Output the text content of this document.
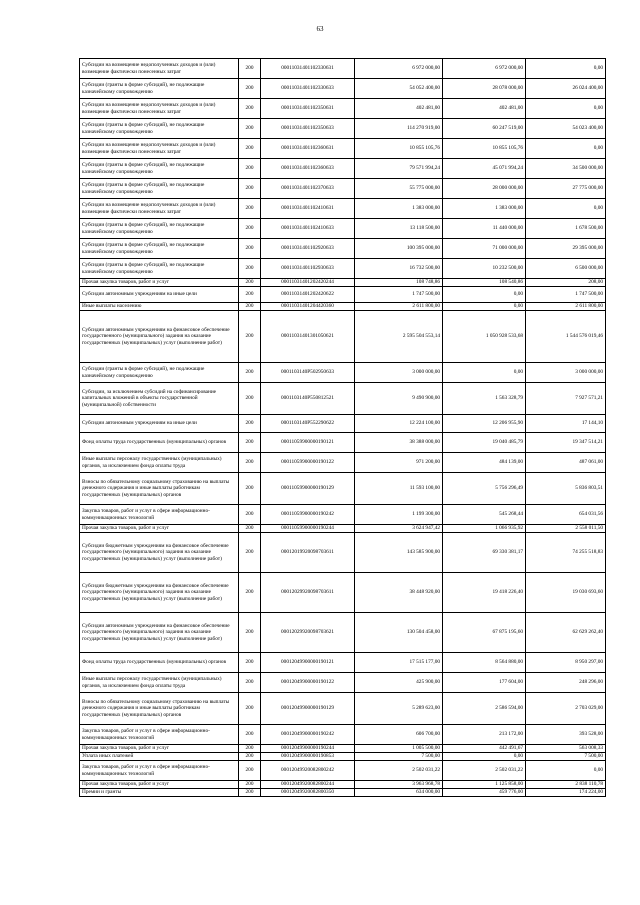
63
Субсидии на возмещение недополученных доходов и (или) возмещение фактически понесенных затрат	200	00011031401102330631	6 972 000,00	6 972 000,00	0,00
Субсидии (гранты в форме субсидий), не подлежащие казначейскому сопровождению	200	00011031401102330633	54 052 400,00	28 078 000,00	26 024 400,00
Субсидии на возмещение недополученных доходов и (или) возмещение фактически понесенных затрат	200	00011031401102350631	402 481,00	402 481,00	0,00
Субсидии (гранты в форме субсидий), не подлежащие казначейскому сопровождению	200	00011031401102350633	114 270 919,00	60 247 519,00	54 023 400,00
Субсидии на возмещение недополученных доходов и (или) возмещение фактически понесенных затрат	200	00011031401102360631	10 855 105,76	10 855 105,76	0,00
Субсидии (гранты в форме субсидий), не подлежащие казначейскому сопровождению	200	00011031401102360633	79 571 994,24	45 071 994,24	34 500 000,00
Субсидии (гранты в форме субсидий), не подлежащие казначейскому сопровождению	200	00011031401102370633	55 775 000,00	28 000 000,00	27 775 000,00
Субсидии на возмещение недополученных доходов и (или) возмещение фактически понесенных затрат	200	00011031401102410631	1 383 000,00	1 383 000,00	0,00
Субсидии (гранты в форме субсидий), не подлежащие казначейскому сопровождению	200	00011031401102410633	13 118 500,00	11 440 000,00	1 678 500,00
Субсидии (гранты в форме субсидий), не подлежащие казначейскому сопровождению	200	00011031401102920633	100 395 000,00	71 000 000,00	29 395 000,00
Субсидии (гранты в форме субсидий), не подлежащие казначейскому сопровождению	200	00011031401102930633	16 732 500,00	10 232 500,00	6 500 000,00
Прочая закупка товаров, работ и услуг	200	00011031401202420244	108 748,86	108 540,86	208,00
Субсидии автономным учреждениям на иные цели	200	00011031401202420622	1 747 500,00	0,00	1 747 500,00
Иные выплаты населению	200	00011031401204420360	2 611 800,00	0,00	2 611 800,00
Субсидии автономным учреждениям на финансовое обеспечение государственного (муниципального) задания на оказание государственных (муниципальных) услуг (выполнение работ)	200	00011031401301050621	2 595 504 553,14	1 050 928 533,68	1 544 576 019,46
Субсидии (гранты в форме субсидий), не подлежащие казначейскому сопровождению	200	0001103140P502950633	3 000 000,00	0,00	3 000 000,00
Субсидии, за исключением субсидий на софинансирование капитальных вложений в объекты государственной (муниципальной) собственности	200	0001103140P550812521	9 490 900,00	1 563 328,79	7 927 571,21
Субсидии автономным учреждениям на иные цели	200	0001103140P552290622	12 224 100,00	12 206 955,90	17 144,10
Фонд оплаты труда государственных (муниципальных) органов	200	00011059900000190121	38 388 000,00	19 040 485,79	19 347 514,21
Иные выплаты персоналу государственных (муниципальных) органов, за исключением фонда оплаты труда	200	00011059900000190122	971 200,00	484 139,00	487 061,00
Взносы по обязательному социальному страхованию на выплаты денежного содержания и иные выплаты работникам государственных (муниципальных) органов	200	00011059900000190129	11 593 100,00	5 756 296,49	5 836 803,51
Закупка товаров, работ и услуг в сфере информационно-коммуникационных технологий	200	00011059900000190242	1 199 300,00	545 268,44	654 031,56
Прочая закупка товаров, работ и услуг	200	00011059900000190244	3 624 947,42	1 066 935,92	2 558 011,50
Субсидии бюджетным учреждениям на финансовое обеспечение государственного (муниципального) задания на оказание государственных (муниципальных) услуг (выполнение работ)	200	00012019920098703611	143 585 900,00	69 330 381,17	74 255 518,83
Субсидии бюджетным учреждениям на финансовое обеспечение государственного (муниципального) задания на оказание государственных (муниципальных) услуг (выполнение работ)	200	00012029920098703611	38 448 920,00	19 418 226,40	19 030 693,60
Субсидии автономным учреждениям на финансовое обеспечение государственного (муниципального) задания на оказание государственных (муниципальных) услуг (выполнение работ)	200	00012029920098703621	130 504 458,00	67 875 195,60	62 629 262,40
Фонд оплаты труда государственных (муниципальных) органов	200	00012049900000190121	17 515 177,00	8 564 880,00	8 950 297,00
Иные выплаты персоналу государственных (муниципальных) органов, за исключением фонда оплаты труда	200	00012049900000190122	425 900,00	177 604,00	248 296,00
Взносы по обязательному социальному страхованию на выплаты денежного содержания и иные выплаты работникам государственных (муниципальных) органов	200	00012049900000190129	5 289 623,00	2 586 594,00	2 703 029,00
Закупка товаров, работ и услуг в сфере информационно-коммуникационных технологий	200	00012049900000190242	606 700,00	213 172,00	393 528,00
Прочая закупка товаров, работ и услуг	200	00012049900000190244	1 005 500,00	442 491,67	563 008,33
Уплата иных платежей	200	00012049900000190853	7 500,00	0,00	7 500,00
Закупка товаров, работ и услуг в сфере информационно-коммуникационных технологий	200	00012049920082800242	2 502 031,22	2 502 031,22	0,00
Прочая закупка товаров, работ и услуг	200	00012049920082800244	3 963 968,78	1 125 858,00	2 838 110,78
Премии и гранты	200	00012049920082800350	634 000,00	459 776,00	174 224,00
